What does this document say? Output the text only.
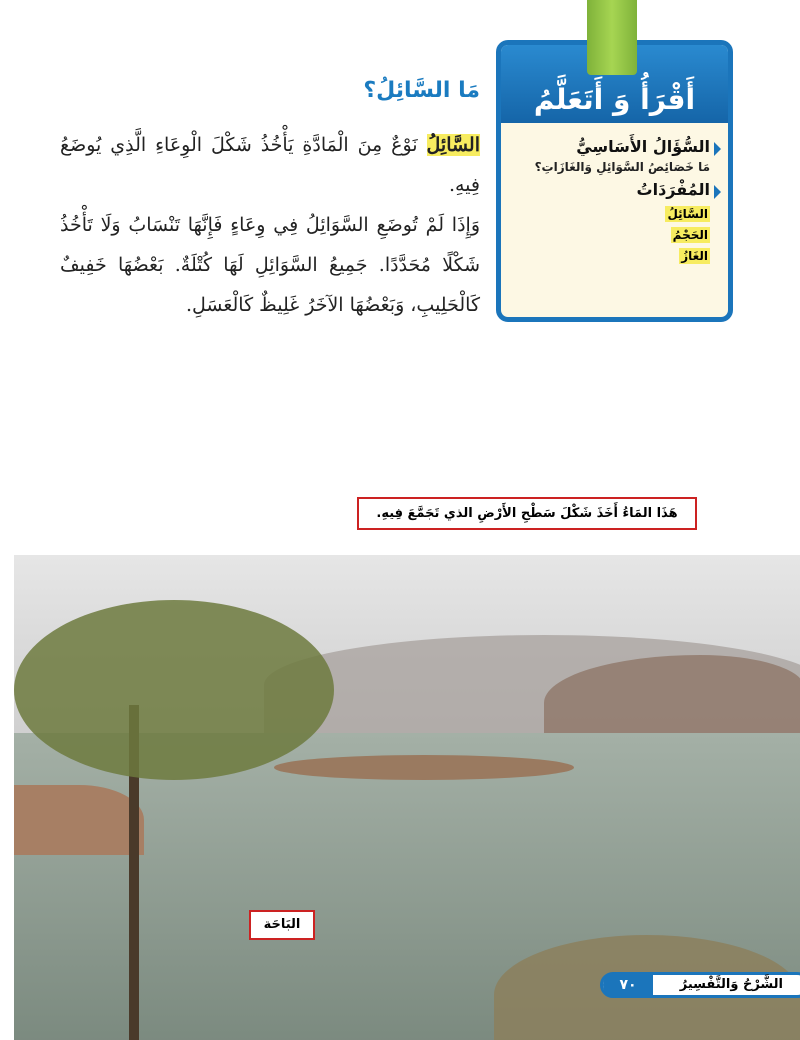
أَقْرَأُ وَ أَتَعَلَّمُ
السُّؤَالُ الأَسَاسِيُّ

مَا خَصَائِصُ السَّوَائِلِ وَالغَازَاتِ؟

المُفْرَدَاتُ
السَّائِلُ
الحَجْمُ
الغَازُ
مَا السَّائِلُ؟

السَّائِلُ نَوْعٌ مِنَ الْمَادَّةِ يَأْخُذُ شَكْلَ الْوِعَاءِ الَّذِي يُوضَعُ فِيهِ.

وَإِذَا لَمْ تُوضَعِ السَّوَائِلُ فِي وِعَاءٍ فَإِنَّهَا تَنْسَابُ وَلَا تَأْخُذُ شَكْلًا مُحَدَّدًا. جَمِيعُ السَّوَائِلِ لَهَا كُتْلَةٌ. بَعْضُهَا خَفِيفٌ كَالْحَلِيبِ، وَبَعْضُهَا الآخَرُ غَلِيظٌ كَالْعَسَلِ.

هَذَا المَاءُ أَخَذَ شَكْلَ سَطْحِ الأَرْضِ الذي تَجَمَّعَ فِيهِ.
البَاحَة
الشَّرْحُ وَالتَّفْسِيرُ
٧٠
